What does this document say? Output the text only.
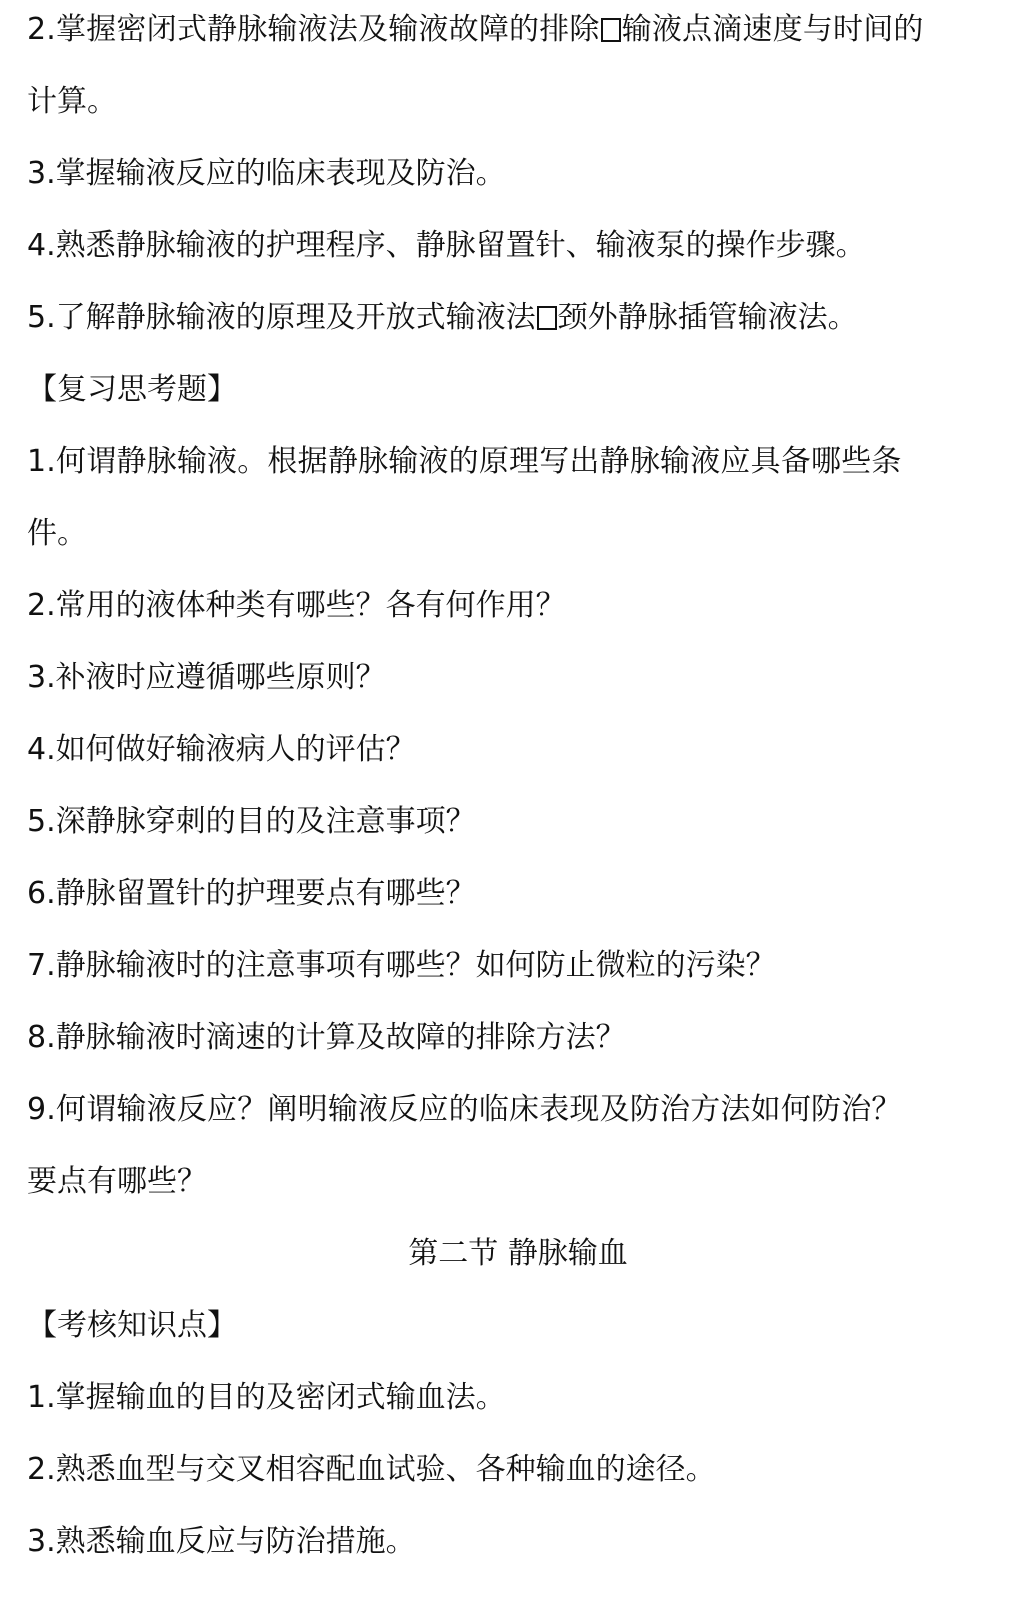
2.掌握密闭式静脉输液法及输液故障的排除 输液点滴速度与时间的
计算。
3.掌握输液反应的临床表现及防治。
4.熟悉静脉输液的护理程序、静脉留置针、输液泵的操作步骤。
5.了解静脉输液的原理及开放式输液法 颈外静脉插管输液法。
【复习思考题】
1.何谓静脉输液。根据静脉输液的原理写出静脉输液应具备哪些条
件。
2.常用的液体种类有哪些？各有何作用？
3.补液时应遵循哪些原则？
4.如何做好输液病人的评估？
5.深静脉穿刺的目的及注意事项？
6.静脉留置针的护理要点有哪些？
7.静脉输液时的注意事项有哪些？如何防止微粒的污染？
8.静脉输液时滴速的计算及故障的排除方法？
9.何谓输液反应？阐明输液反应的临床表现及防治方法如何防治？
要点有哪些？
第二节 静脉输血
【考核知识点】
1.掌握输血的目的及密闭式输血法。
2.熟悉血型与交叉相容配血试验、各种输血的途径。
3.熟悉输血反应与防治措施。
